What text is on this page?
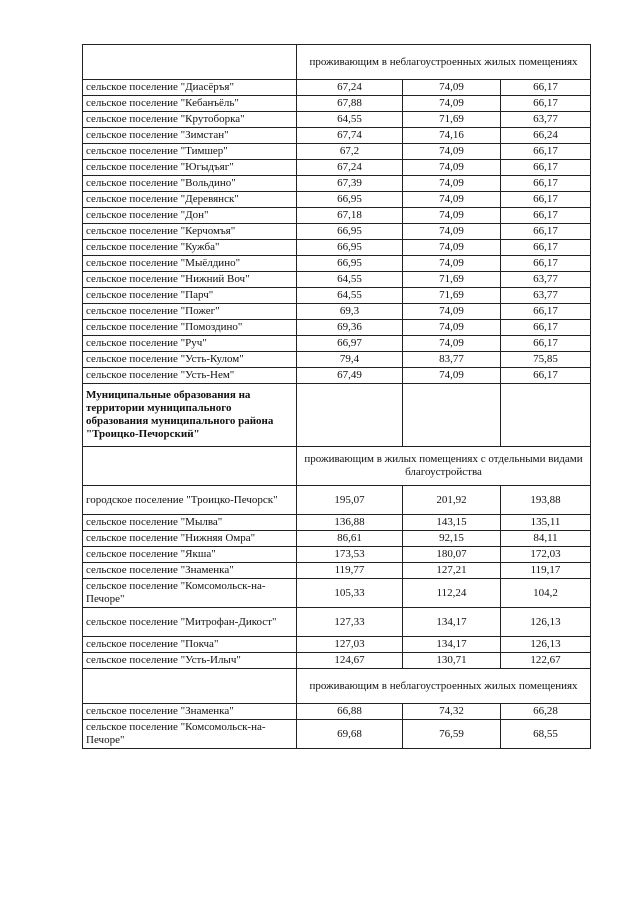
	проживающим в неблагоустроенных жилых помещениях		
сельское поселение "Диасёръя"	67,24	74,09	66,17
сельское поселение "Кебанъёль"	67,88	74,09	66,17
сельское поселение "Крутоборка"	64,55	71,69	63,77
сельское поселение "Зимстан"	67,74	74,16	66,24
сельское поселение "Тимшер"	67,2	74,09	66,17
сельское поселение "Югыдъяг"	67,24	74,09	66,17
сельское поселение "Вольдино"	67,39	74,09	66,17
сельское поселение "Деревянск"	66,95	74,09	66,17
сельское поселение "Дон"	67,18	74,09	66,17
сельское поселение "Керчомъя"	66,95	74,09	66,17
сельское поселение "Кужба"	66,95	74,09	66,17
сельское поселение "Мыёлдино"	66,95	74,09	66,17
сельское поселение "Нижний Воч"	64,55	71,69	63,77
сельское поселение "Парч"	64,55	71,69	63,77
сельское поселение "Пожег"	69,3	74,09	66,17
сельское поселение "Помоздино"	69,36	74,09	66,17
сельское поселение "Руч"	66,97	74,09	66,17
сельское поселение "Усть-Кулом"	79,4	83,77	75,85
сельское поселение "Усть-Нем"	67,49	74,09	66,17
Муниципальные образования на территории муниципального образования муниципального района "Троицко-Печорский"			
	проживающим в жилых помещениях с отдельными видами благоустройства		
городское поселение "Троицко-Печорск"	195,07	201,92	193,88
сельское поселение "Мылва"	136,88	143,15	135,11
сельское поселение "Нижняя Омра"	86,61	92,15	84,11
сельское поселение "Якша"	173,53	180,07	172,03
сельское поселение "Знаменка"	119,77	127,21	119,17
сельское поселение "Комсомольск-на-Печоре"	105,33	112,24	104,2
сельское поселение "Митрофан-Дикост"	127,33	134,17	126,13
сельское поселение "Покча"	127,03	134,17	126,13
сельское поселение "Усть-Илыч"	124,67	130,71	122,67
	проживающим в неблагоустроенных жилых помещениях		
сельское поселение "Знаменка"	66,88	74,32	66,28
сельское поселение "Комсомольск-на-Печоре"	69,68	76,59	68,55
